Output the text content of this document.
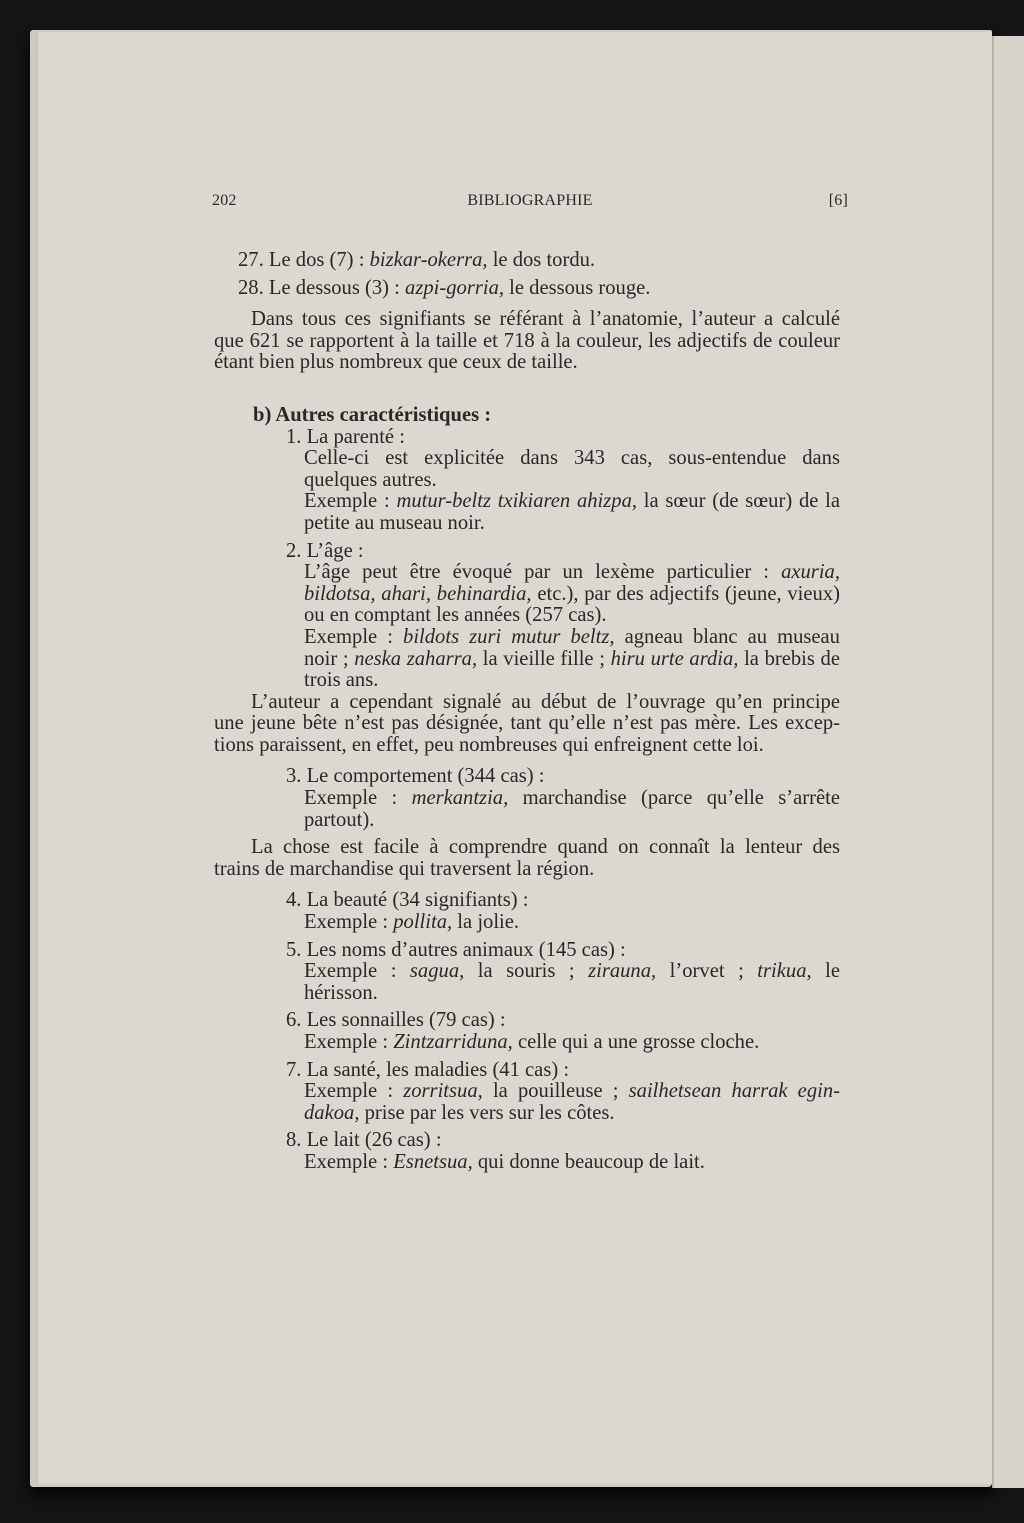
202	BIBLIOGRAPHIE	[6]
27. Le dos (7) : bizkar-okerra, le dos tordu.
28. Le dessous (3) : azpi-gorria, le dessous rouge.
Dans tous ces signifiants se référant à l’anatomie, l’auteur a calculé
que 621 se rapportent à la taille et 718 à la couleur, les adjectifs de couleur
étant bien plus nombreux que ceux de taille.
b) Autres caractéristiques :
1. La parenté :
Celle-ci est explicitée dans 343 cas, sous-entendue dans
quelques autres.
Exemple : mutur-beltz txikiaren ahizpa, la sœur (de sœur) de la
petite au museau noir.
2. L’âge :
L’âge peut être évoqué par un lexème particulier : axuria,
bildotsa, ahari, behinardia, etc.), par des adjectifs (jeune, vieux)
ou en comptant les années (257 cas).
Exemple : bildots zuri mutur beltz, agneau blanc au museau
noir ; neska zaharra, la vieille fille ; hiru urte ardia, la brebis de
trois ans.
L’auteur a cependant signalé au début de l’ouvrage qu’en principe
une jeune bête n’est pas désignée, tant qu’elle n’est pas mère. Les excep-
tions paraissent, en effet, peu nombreuses qui enfreignent cette loi.
3. Le comportement (344 cas) :
Exemple : merkantzia, marchandise (parce qu’elle s’arrête
partout).
La chose est facile à comprendre quand on connaît la lenteur des
trains de marchandise qui traversent la région.
4. La beauté (34 signifiants) :
Exemple : pollita, la jolie.
5. Les noms d’autres animaux (145 cas) :
Exemple : sagua, la souris ; zirauna, l’orvet ; trikua, le
hérisson.
6. Les sonnailles (79 cas) :
Exemple : Zintzarriduna, celle qui a une grosse cloche.
7. La santé, les maladies (41 cas) :
Exemple : zorritsua, la pouilleuse ; sailhetsean harrak egin-
dakoa, prise par les vers sur les côtes.
8. Le lait (26 cas) :
Exemple : Esnetsua, qui donne beaucoup de lait.
